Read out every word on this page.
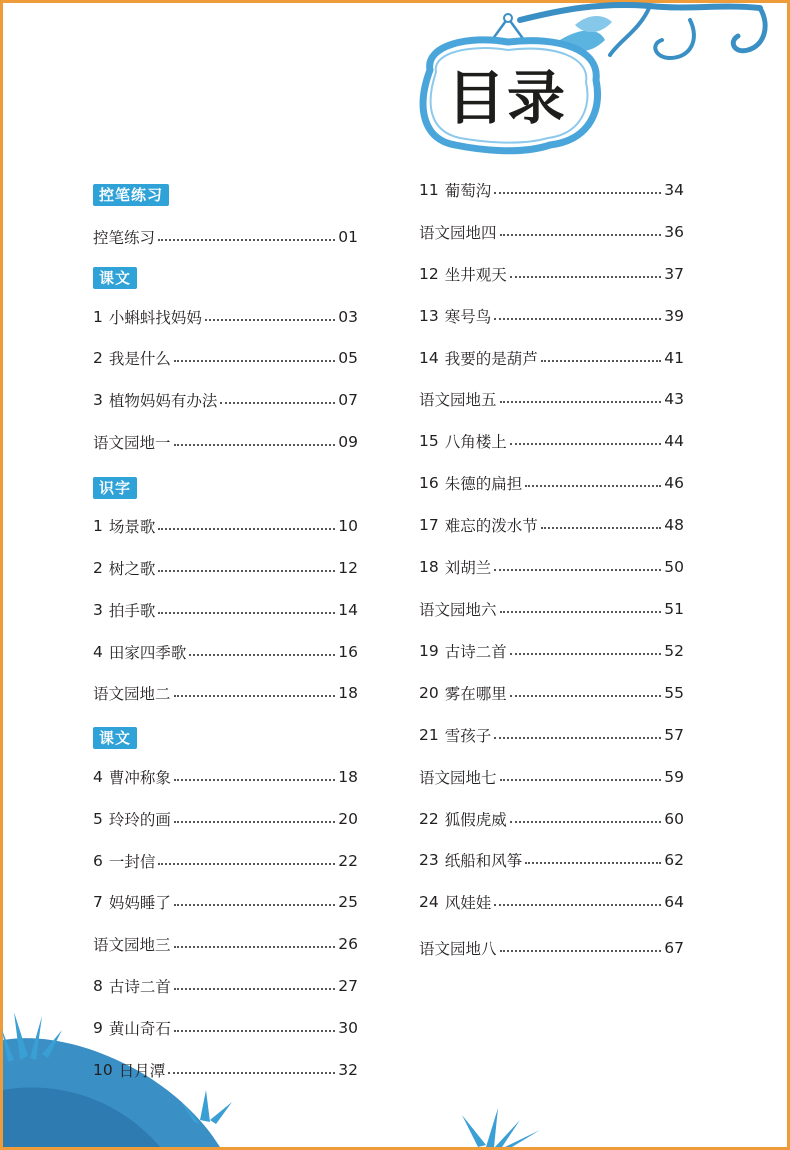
目录
控笔练习
控笔练习	01
课文
1 小蝌蚪找妈妈	03
2 我是什么	05
3 植物妈妈有办法	07
语文园地一	09
识字
1 场景歌	10
2 树之歌	12
3 拍手歌	14
4 田家四季歌	16
语文园地二	18
课文
4 曹冲称象	18
5 玲玲的画	20
6 一封信	22
7 妈妈睡了	25
语文园地三	26
8 古诗二首	27
9 黄山奇石	30
10 日月潭	32
11 葡萄沟	34
语文园地四	36
12 坐井观天	37
13 寒号鸟	39
14 我要的是葫芦	41
语文园地五	43
15 八角楼上	44
16 朱德的扁担	46
17 难忘的泼水节	48
18 刘胡兰	50
语文园地六	51
19 古诗二首	52
20 雾在哪里	55
21 雪孩子	57
语文园地七	59
22 狐假虎威	60
23 纸船和风筝	62
24 风娃娃	64
语文园地八	67
